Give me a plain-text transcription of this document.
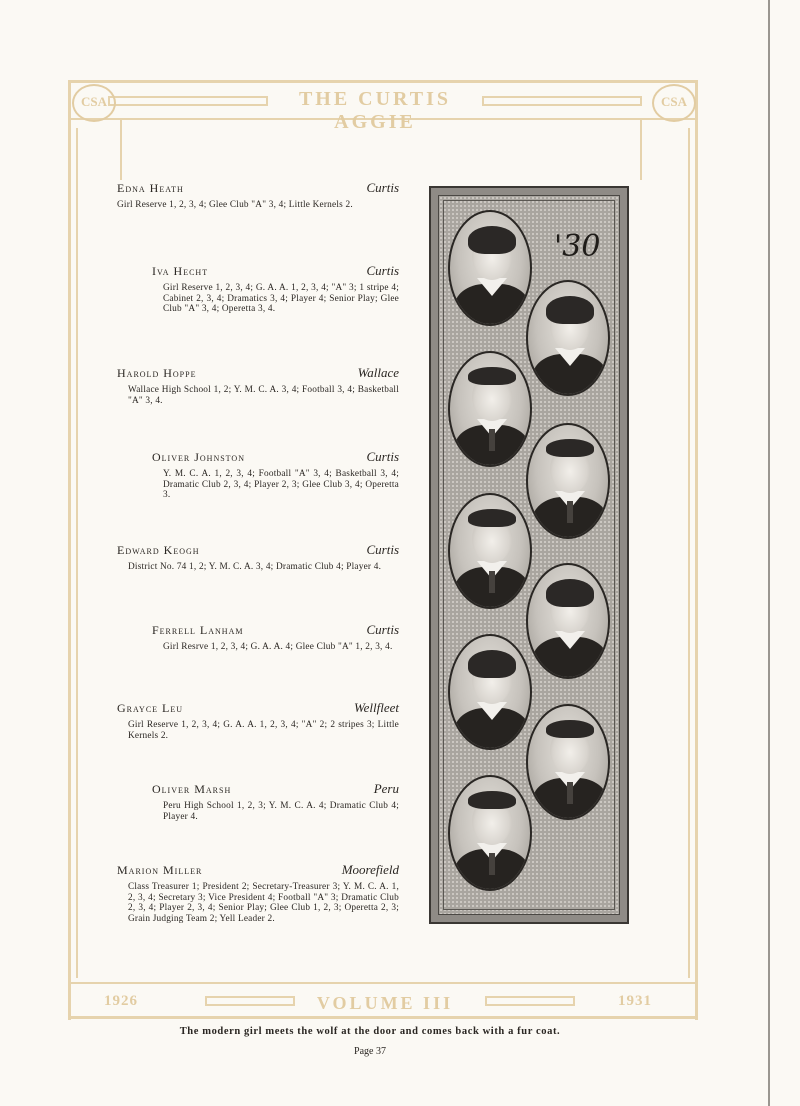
CSA	CSA
THE CURTIS AGGIE
1926	VOLUME III	1931
Edna Heath	Curtis
Girl Reserve 1, 2, 3, 4; Glee Club "A" 3, 4; Little Kernels 2.
Iva Hecht	Curtis
Girl Reserve 1, 2, 3, 4; G. A. A. 1, 2, 3, 4; "A" 3; 1 stripe 4; Cabinet 2, 3, 4; Dramatics 3, 4; Player 4; Senior Play; Glee Club "A" 3, 4; Operetta 3, 4.
Harold Hoppe	Wallace
Wallace High School 1, 2; Y. M. C. A. 3, 4; Football 3, 4; Basketball "A" 3, 4.
Oliver Johnston	Curtis
Y. M. C. A. 1, 2, 3, 4; Football "A" 3, 4; Basketball 3, 4; Dramatic Club 2, 3, 4; Player 2, 3; Glee Club 3, 4; Operetta 3.
Edward Keogh	Curtis
District No. 74 1, 2; Y. M. C. A. 3, 4; Dramatic Club 4; Player 4.
Ferrell Lanham	Curtis
Girl Resrve 1, 2, 3, 4; G. A. A. 4; Glee Club "A" 1, 2, 3, 4.
Grayce Leu	Wellfleet
Girl Reserve 1, 2, 3, 4; G. A. A. 1, 2, 3, 4; "A" 2; 2 stripes 3; Little Kernels 2.
Oliver Marsh	Peru
Peru High School 1, 2, 3; Y. M. C. A. 4; Dramatic Club 4; Player 4.
Marion Miller	Moorefield
Class Treasurer 1; President 2; Secretary-Treasurer 3; Y. M. C. A. 1, 2, 3, 4; Secretary 3; Vice President 4; Football "A" 3; Dramatic Club 2, 3, 4; Player 2, 3, 4; Senior Play; Glee Club 1, 2, 3; Operetta 2, 3; Grain Judging Team 2; Yell Leader 2.
'30
The modern girl meets the wolf at the door and comes back with a fur coat.
Page 37
